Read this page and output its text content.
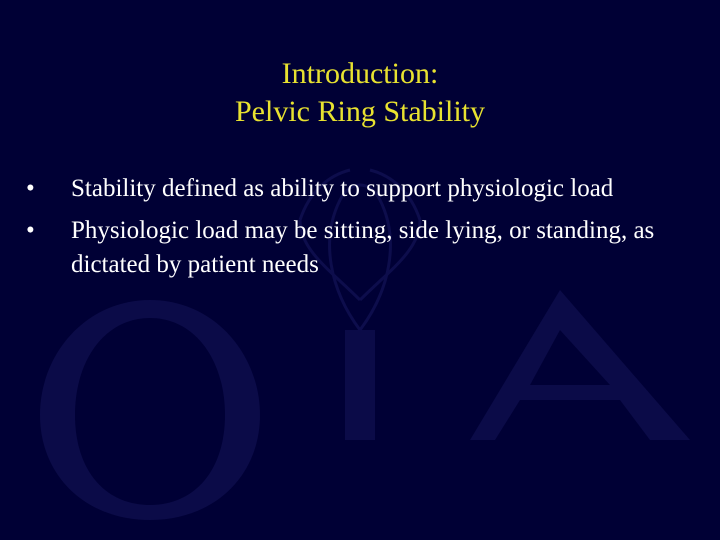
Introduction:
Pelvic Ring Stability
• Stability defined as ability to support physiologic load
• Physiologic load may be sitting, side lying, or standing, as dictated by patient needs
